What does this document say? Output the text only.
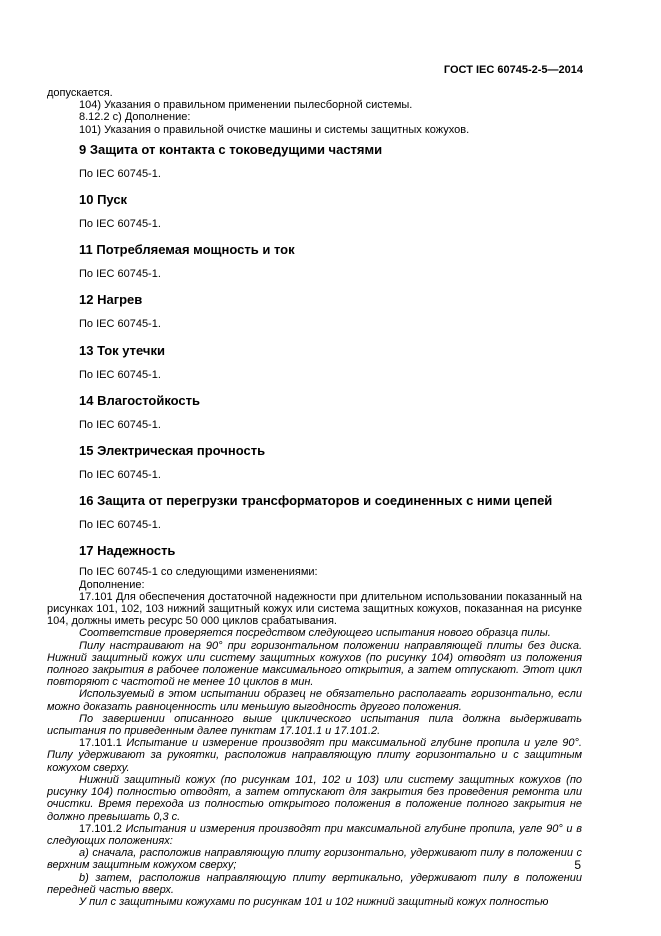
ГОСТ IEC 60745-2-5—2014

допускается.

104) Указания о правильном применении пылесборной системы.

8.12.2 с) Дополнение:

101) Указания о правильной очистке машины и системы защитных кожухов.

9 Защита от контакта с токоведущими частями

По IEC 60745-1.

10 Пуск

По IEC 60745-1.

11 Потребляемая мощность и ток

По IEC 60745-1.

12 Нагрев

По IEC 60745-1.

13 Ток утечки

По IEC 60745-1.

14 Влагостойкость

По IEC 60745-1.

15 Электрическая прочность

По IEC 60745-1.

16 Защита от перегрузки трансформаторов и соединенных с ними цепей

По IEC 60745-1.

17 Надежность

По IEC 60745-1 со следующими изменениями:

Дополнение:

17.101 Для обеспечения достаточной надежности при длительном использовании показанный на рисунках 101, 102, 103 нижний защитный кожух или система защитных кожухов, показанная на рисунке 104, должны иметь ресурс 50 000 циклов срабатывания.

Соответствие проверяется посредством следующего испытания нового образца пилы.

Пилу настраивают на 90° при горизонтальном положении направляющей плиты без диска. Нижний защитный кожух или систему защитных кожухов (по рисунку 104) отводят из положения полного закрытия в рабочее положение максимального открытия, а затем отпускают. Этот цикл повторяют с частотой не менее 10 циклов в мин.

Используемый в этом испытании образец не обязательно располагать горизонтально, если можно доказать равноценность или меньшую выгодность другого положения.

По завершении описанного выше циклического испытания пила должна выдерживать испытания по приведенным далее пунктам 17.101.1 и 17.101.2.

17.101.1 Испытание и измерение производят при максимальной глубине пропила и угле 90°. Пилу удерживают за рукоятки, расположив направляющую плиту горизонтально и с защитным кожухом сверху.

Нижний защитный кожух (по рисункам 101, 102 и 103) или систему защитных кожухов (по рисунку 104) полностью отводят, а затем отпускают для закрытия без проведения ремонта или очистки. Время перехода из полностью открытого положения в положение полного закрытия не должно превышать 0,3 с.

17.101.2 Испытания и измерения производят при максимальной глубине пропила, угле 90° и в следующих положениях:

a) сначала, расположив направляющую плиту горизонтально, удерживают пилу в положении с верхним защитным кожухом сверху;

b) затем, расположив направляющую плиту вертикально, удерживают пилу в положении передней частью вверх.

У пил с защитными кожухами по рисункам 101 и 102 нижний защитный кожух полностью

5
